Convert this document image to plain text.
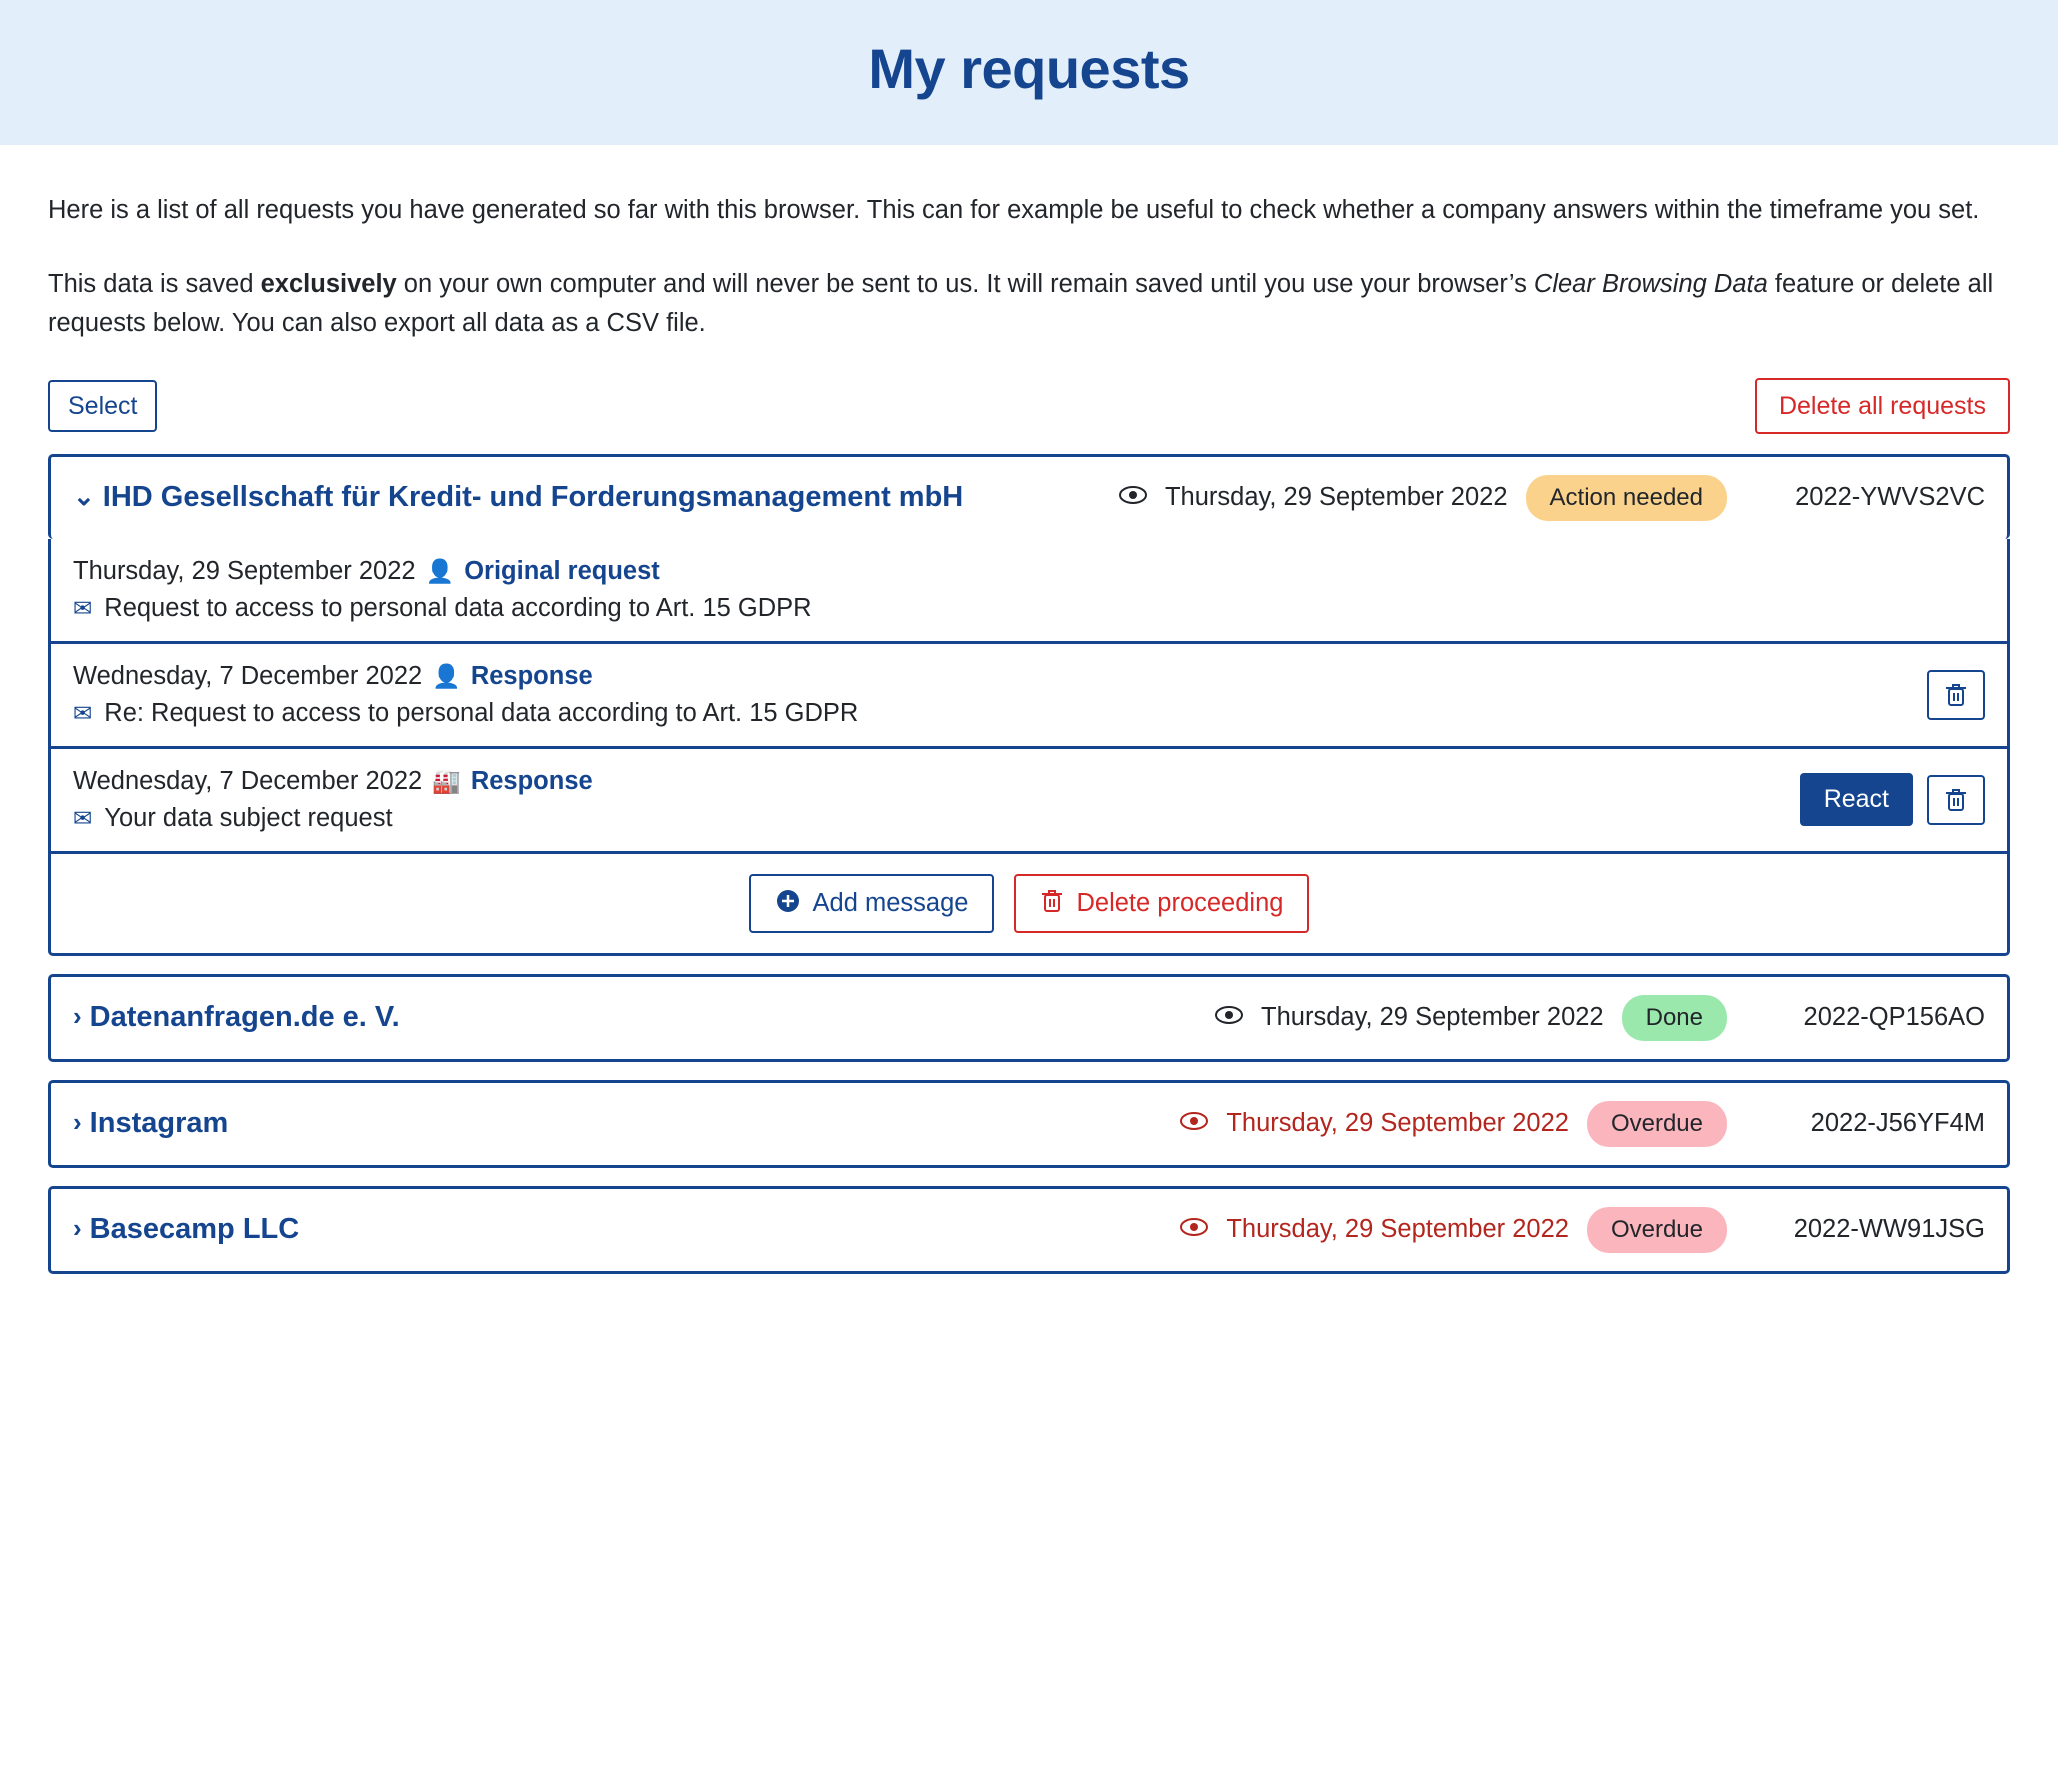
My requests

Here is a list of all requests you have generated so far with this browser. This can for example be useful to check whether a company answers within the timeframe you set.

This data is saved exclusively on your own computer and will never be sent to us. It will remain saved until you use your browser’s Clear Browsing Data feature or delete all requests below. You can also export all data as a CSV file.

Select	Delete all requests
⌄ IHD Gesellschaft für Kredit- und Forderungsmanagement mbH	Thursday, 29 September 2022	Action needed	2022-YWVS2VC
Thursday, 29 September 2022 👤 Original request
✉ Request to access to personal data according to Art. 15 GDPR
Wednesday, 7 December 2022 👤 Response
✉ Re: Request to access to personal data according to Art. 15 GDPR
Wednesday, 7 December 2022 🏭 Response
✉ Your data subject request
React
Add message	Delete proceeding
› Datenanfragen.de e. V.	Thursday, 29 September 2022	Done	2022-QP156AO
› Instagram	Thursday, 29 September 2022	Overdue	2022-J56YF4M
› Basecamp LLC	Thursday, 29 September 2022	Overdue	2022-WW91JSG
